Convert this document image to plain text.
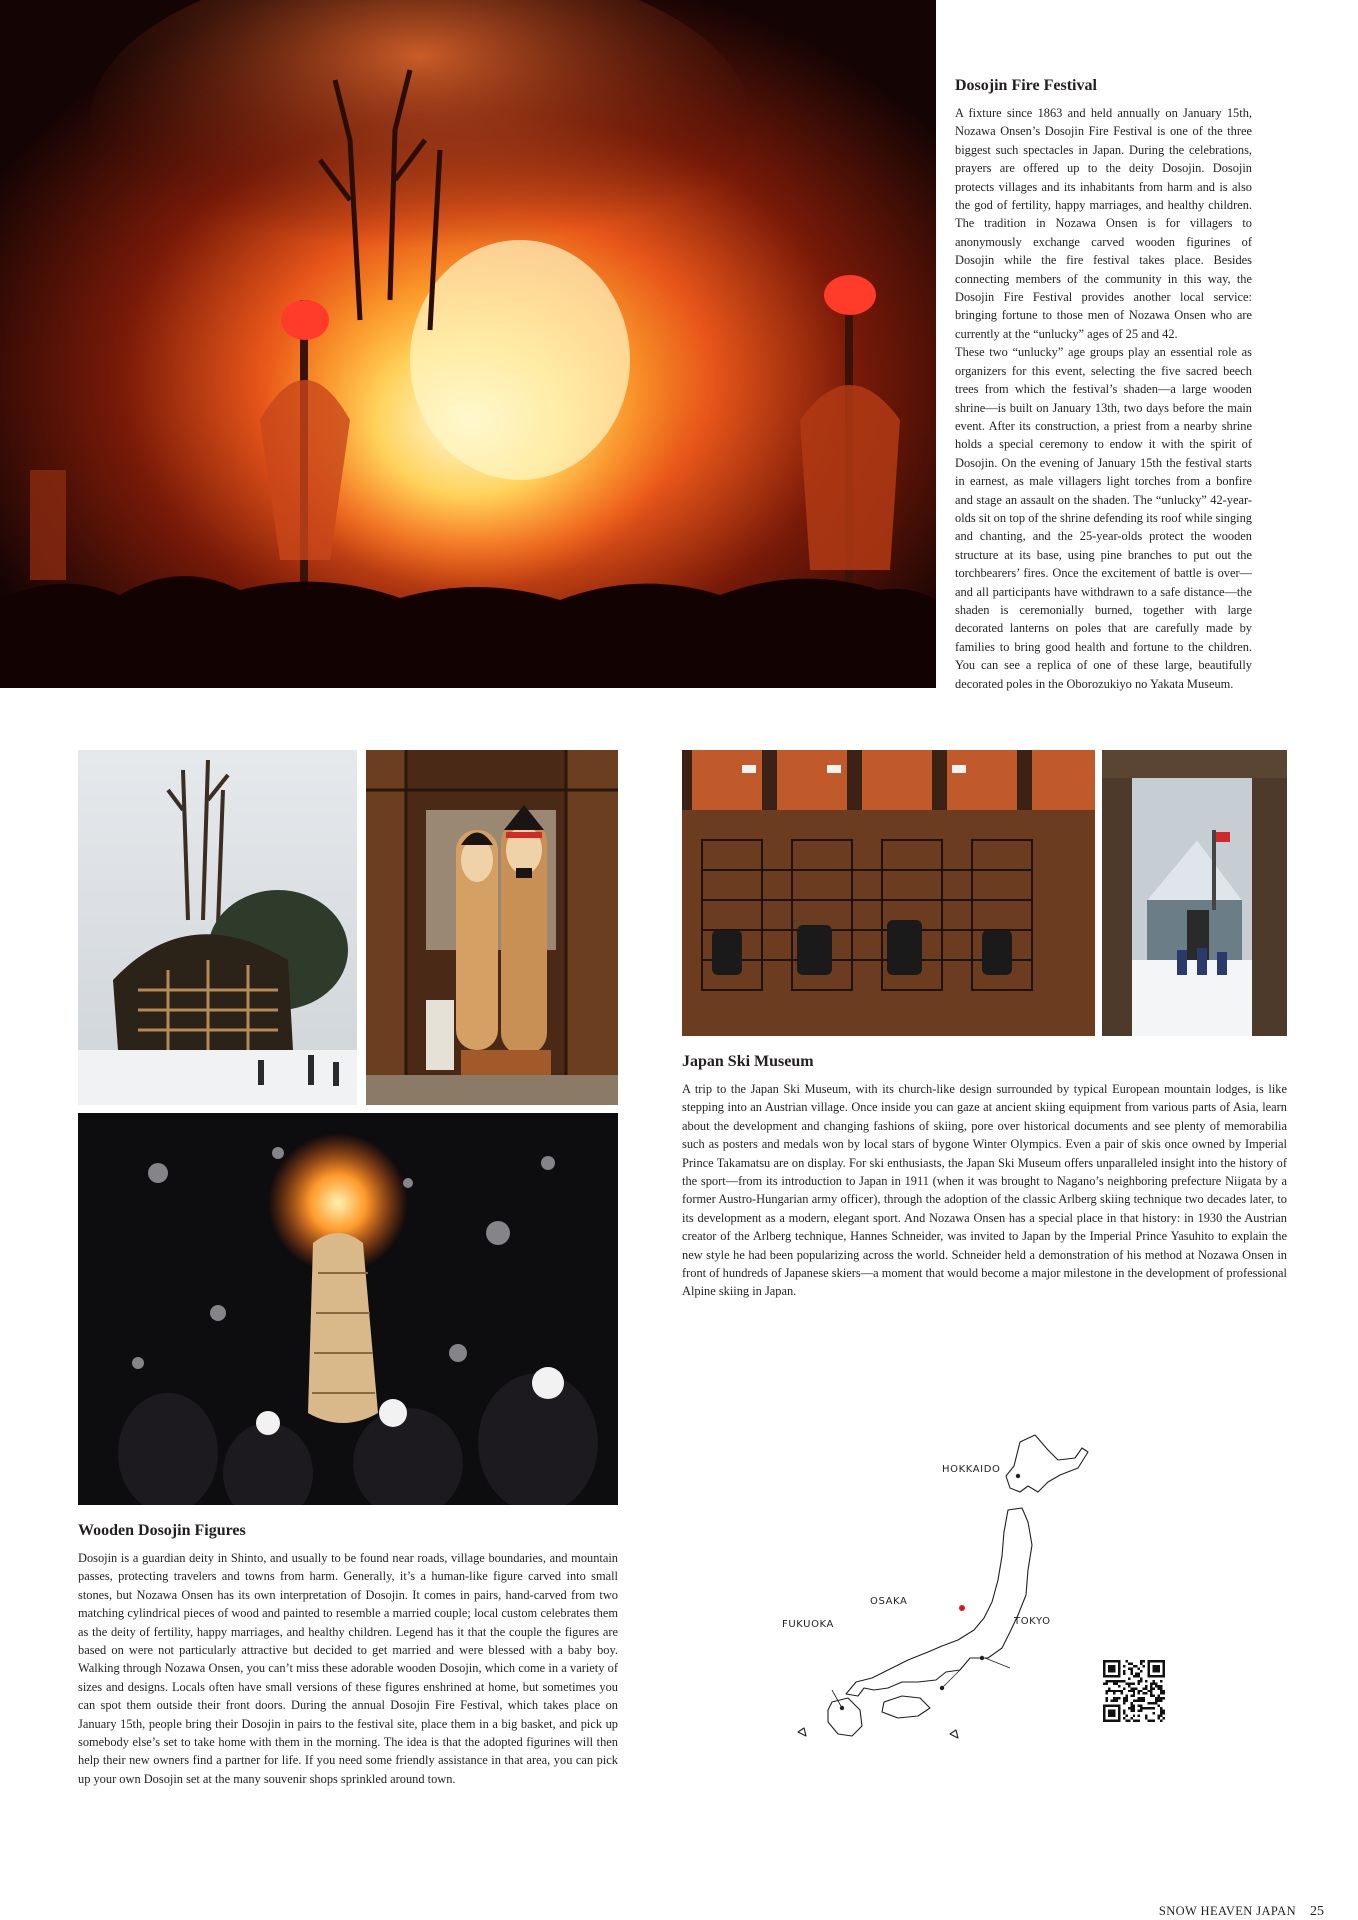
Dosojin Fire Festival

A fixture since 1863 and held annually on January 15th, Nozawa Onsen’s Dosojin Fire Festival is one of the three biggest such spectacles in Japan. During the celebrations, prayers are offered up to the deity Dosojin. Dosojin protects villages and its inhabitants from harm and is also the god of fertility, happy marriages, and healthy children. The tradition in Nozawa Onsen is for villagers to anonymously exchange carved wooden figurines of Dosojin while the fire festival takes place. Besides connecting members of the community in this way, the Dosojin Fire Festival provides another local service: bringing fortune to those men of Nozawa Onsen who are currently at the “unlucky” ages of 25 and 42.

These two “unlucky” age groups play an essential role as organizers for this event, selecting the five sacred beech trees from which the festival’s shaden—a large wooden shrine—is built on January 13th, two days before the main event. After its construction, a priest from a nearby shrine holds a special ceremony to endow it with the spirit of Dosojin. On the evening of January 15th the festival starts in earnest, as male villagers light torches from a bonfire and stage an assault on the shaden. The “unlucky” 42-year-olds sit on top of the shrine defending its roof while singing and chanting, and the 25-year-olds protect the wooden structure at its base, using pine branches to put out the torchbearers’ fires. Once the excitement of battle is over—and all participants have withdrawn to a safe distance—the shaden is ceremonially burned, together with large decorated lanterns on poles that are carefully made by families to bring good health and fortune to the children. You can see a replica of one of these large, beautifully decorated poles in the Oborozukiyo no Yakata Museum.

Japan Ski Museum
A trip to the Japan Ski Museum, with its church-like design surrounded by typical European mountain lodges, is like stepping into an Austrian village. Once inside you can gaze at ancient skiing equipment from various parts of Asia, learn about the development and changing fashions of skiing, pore over historical documents and see plenty of memorabilia such as posters and medals won by local stars of bygone Winter Olympics. Even a pair of skis once owned by Imperial Prince Takamatsu are on display. For ski enthusiasts, the Japan Ski Museum offers unparalleled insight into the history of the sport—from its introduction to Japan in 1911 (when it was brought to Nagano’s neighboring prefecture Niigata by a former Austro-Hungarian army officer), through the adoption of the classic Arlberg skiing technique two decades later, to its development as a modern, elegant sport. And Nozawa Onsen has a special place in that history: in 1930 the Austrian creator of the Arlberg technique, Hannes Schneider, was invited to Japan by the Imperial Prince Yasuhito to explain the new style he had been popularizing across the world. Schneider held a demonstration of his method at Nozawa Onsen in front of hundreds of Japanese skiers—a moment that would become a major milestone in the development of professional Alpine skiing in Japan.
Wooden Dosojin Figures
Dosojin is a guardian deity in Shinto, and usually to be found near roads, village boundaries, and mountain passes, protecting travelers and towns from harm. Generally, it’s a human-like figure carved into small stones, but Nozawa Onsen has its own interpretation of Dosojin. It comes in pairs, hand-carved from two matching cylindrical pieces of wood and painted to resemble a married couple; local custom celebrates them as the deity of fertility, happy marriages, and healthy children. Legend has it that the couple the figures are based on were not particularly attractive but decided to get married and were blessed with a baby boy. Walking through Nozawa Onsen, you can’t miss these adorable wooden Dosojin, which come in a variety of sizes and designs. Locals often have small versions of these figures enshrined at home, but sometimes you can spot them outside their front doors. During the annual Dosojin Fire Festival, which takes place on January 15th, people bring their Dosojin in pairs to the festival site, place them in a big basket, and pick up somebody else’s set to take home with them in the morning. The idea is that the adopted figurines will then help their new owners find a partner for life. If you need some friendly assistance in that area, you can pick up your own Dosojin set at the many souvenir shops sprinkled around town.
HOKKAIDO
OSAKA
TOKYO
FUKUOKA
SNOW HEAVEN JAPAN 25
